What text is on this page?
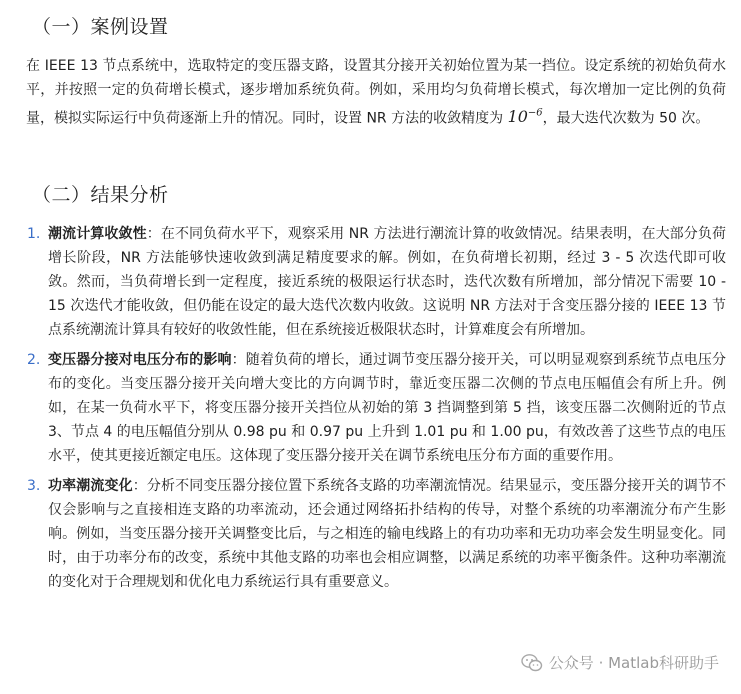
（一）案例设置

在 IEEE 13 节点系统中，选取特定的变压器支路，设置其分接开关初始位置为某一挡位。设定系统的初始负荷水平，并按照一定的负荷增长模式，逐步增加系统负荷。例如，采用均匀负荷增长模式，每次增加一定比例的负荷量，模拟实际运行中负荷逐渐上升的情况。同时，设置 NR 方法的收敛精度为 $10^{-6}$，最大迭代次数为 50 次。

（二）结果分析
1. 潮流计算收敛性：在不同负荷水平下，观察采用 NR 方法进行潮流计算的收敛情况。结果表明，在大部分负荷增长阶段，NR 方法能够快速收敛到满足精度要求的解。例如，在负荷增长初期，经过 3 - 5 次迭代即可收敛。然而，当负荷增长到一定程度，接近系统的极限运行状态时，迭代次数有所增加，部分情况下需要 10 - 15 次迭代才能收敛，但仍能在设定的最大迭代次数内收敛。这说明 NR 方法对于含变压器分接的 IEEE 13 节点系统潮流计算具有较好的收敛性能，但在系统接近极限状态时，计算难度会有所增加。
2. 变压器分接对电压分布的影响：随着负荷的增长，通过调节变压器分接开关，可以明显观察到系统节点电压分布的变化。当变压器分接开关向增大变比的方向调节时，靠近变压器二次侧的节点电压幅值会有所上升。例如，在某一负荷水平下，将变压器分接开关挡位从初始的第 3 挡调整到第 5 挡，该变压器二次侧附近的节点 3、节点 4 的电压幅值分别从 0.98 pu 和 0.97 pu 上升到 1.01 pu 和 1.00 pu，有效改善了这些节点的电压水平，使其更接近额定电压。这体现了变压器分接开关在调节系统电压分布方面的重要作用。
3. 功率潮流变化：分析不同变压器分接位置下系统各支路的功率潮流情况。结果显示，变压器分接开关的调节不仅会影响与之直接相连支路的功率流动，还会通过网络拓扑结构的传导，对整个系统的功率潮流分布产生影响。例如，当变压器分接开关调整变比后，与之相连的输电线路上的有功功率和无功功率会发生明显变化。同时，由于功率分布的改变，系统中其他支路的功率也会相应调整，以满足系统的功率平衡条件。这种功率潮流的变化对于合理规划和优化电力系统运行具有重要意义。
公众号 · Matlab科研助手
